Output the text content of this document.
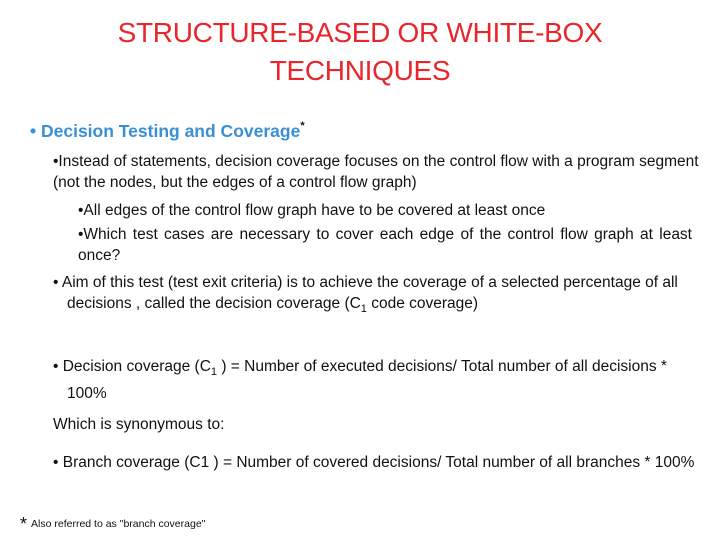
STRUCTURE-BASED OR WHITE-BOX
TECHNIQUES
• Decision Testing and Coverage*
•Instead of statements, decision coverage focuses on the control flow with a program segment (not the nodes, but the edges of a control flow graph)
•All edges of the control flow graph have to be covered at least once
•Which test cases are necessary to cover each edge of the control flow graph at least once?
• Aim of this test (test exit criteria) is to achieve the coverage of a selected percentage of all decisions , called the decision coverage ($C_1$ code coverage)
• Decision coverage ($C_1$ ) = Number of executed decisions/ Total number of all decisions * 100%
Which is synonymous to:
• Branch coverage (C1 ) = Number of covered decisions/ Total number of all branches * 100%
* Also referred to as "branch coverage"
